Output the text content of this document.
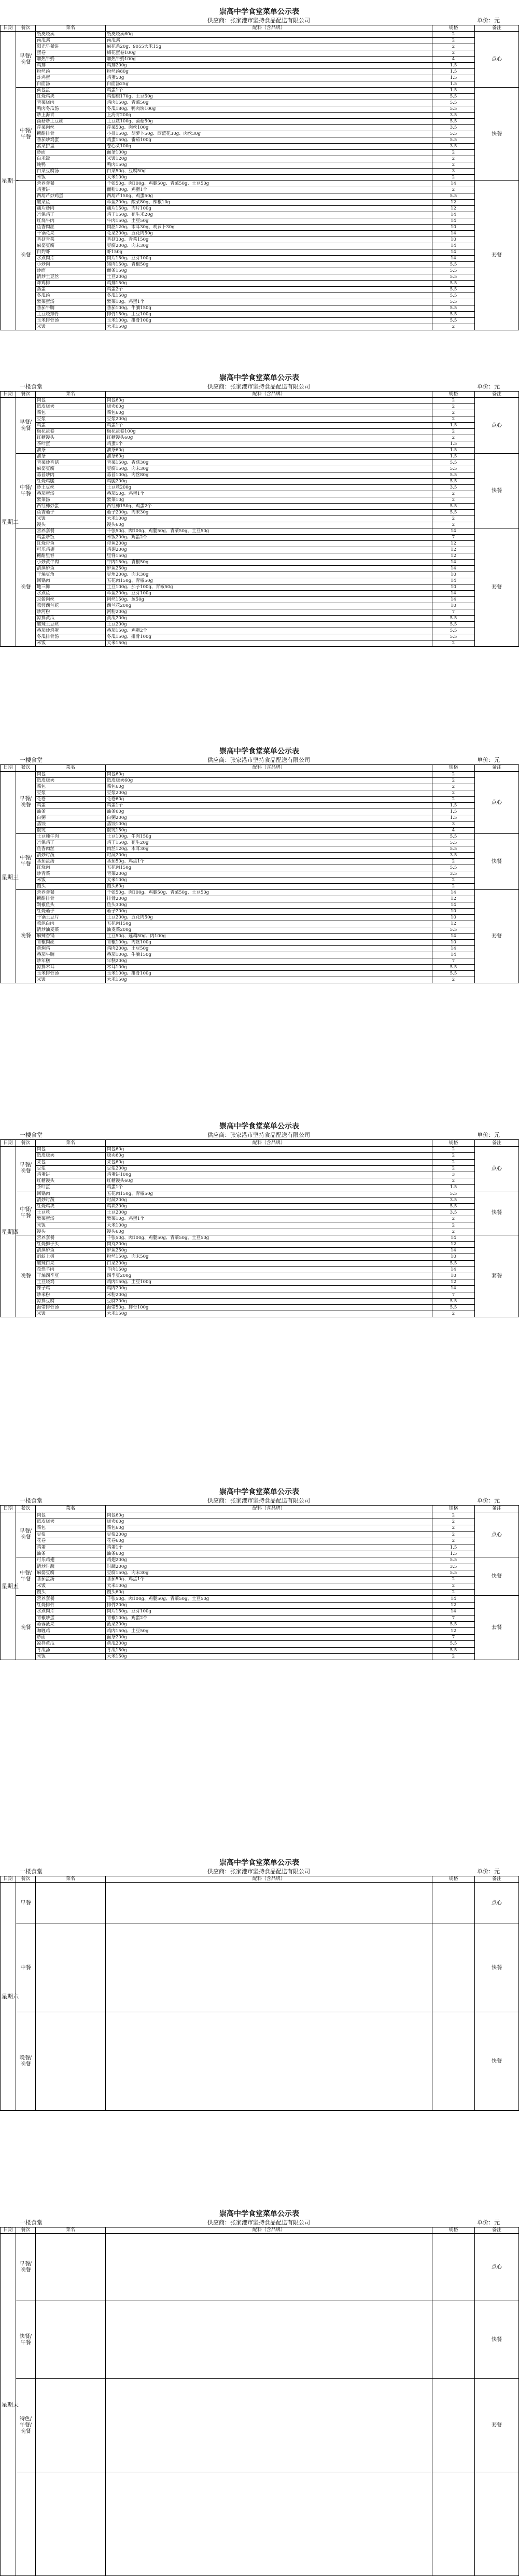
崇高中学食堂菜单公示表
供应商：张家港市坚持食品配送有限公司	单价：元
日期	餐次	菜名	配料（含品牌）	规格	备注
星期一	早餐/晚餐	纸皮烧卖	纸皮烧卖60g	2	点心
		南瓜粥	南瓜粥	2	
		阳光早餐饼	麻花条20g、9055大米15g	2	
		蛋卷	梅花蛋卷100g	2	
		加热牛奶	加热牛奶100g	4	
		鸡排	鸡排200g	1.5	
		粉丝汤	粉丝汤80g	1.5	
		炸鸡蛋	鸡蛋50g	1.5	
		白面汤	白面汤25g	1.5	
	中餐/午餐	荷包蛋	鸡蛋1个	1.5	快餐
		红烧鸡块	鸡翅根170g、土豆50g	5.5	
		青菜烧肉	鸡肉150g、青菜50g	5.5	
		鸭肉冬瓜汤	冬瓜180g、鸭肉块100g	5.5	
		炒上海青	上海青200g	3.5	
		菌菇炒土豆丝	土豆丝100g、菌菇50g	5.5	
		芹菜肉丝	芹菜50g、肉丝100g	3.5	
		糖醋排骨	小排150g、胡萝卜50g、西蓝花30g、肉丝30g	5.5	
		番茄炒鸡蛋	鸡蛋150g、番茄100g	5.5	
		素菜拼盘	卷心菜100g	3.5	
		炒面	面条100g	2	
		白米饭	米饭120g	2	
		炖鸭	鸭肉150g	2	
		白菜豆腐汤	白菜50g、豆腐50g	3	
		米饭	大米100g	2	
	晚餐	营养套餐	千张50g、肉100g、鸡腿50g、青菜50g、土豆50g	14	套餐
		鸡蛋饼	面粉100g、鸡蛋1个	2	
		西葫芦炒鸡蛋	西葫芦150g、鸡蛋50g	5.5	
		酸菜鱼	草鱼200g、酸菜80g、辣椒10g	12	
		藕片炒肉	藕片150g、肉片100g	12	
		宫保鸡丁	鸡丁150g、花生米20g	14	
		红烧牛肉	牛肉150g、土豆50g	14	
		鱼香肉丝	肉丝120g、木耳30g、胡萝卜30g	10	
		干锅花菜	花菜200g、五花肉50g	14	
		香菇青菜	香菇30g、青菜150g	10	
		麻婆豆腐	豆腐200g、肉末30g	14	
		白灼虾	虾150g	14	
		水煮肉片	肉片150g、豆芽100g	14	
		小炒肉	猪肉150g、青椒50g	5.5	
		炒面	面条150g	5.5	
		清炒土豆丝	土豆200g	5.5	
		炸鸡排	鸡排150g	5.5	
		蒸蛋	鸡蛋2个	5.5	
		冬瓜汤	冬瓜150g	5.5	
		紫菜蛋汤	紫菜10g、鸡蛋1个	5.5	
		番茄牛腩	番茄100g、牛腩150g	5.5	
		土豆烧排骨	排骨150g、土豆100g	5.5	
		玉米排骨汤	玉米100g、排骨100g	5.5	
		米饭	大米150g	2	
崇高中学食堂菜单公示表
一楼食堂	供应商：张家港市坚持食品配送有限公司	单价：元
日期	餐次	菜名	配料（含品牌）	规格	备注
星期二	早餐/晚餐	肉包	肉包60g	2	点心
		纸皮烧卖	烧卖60g	2	
		菜包	菜包60g	2	
		豆浆	豆浆200g	2	
		鸡蛋	鸡蛋1个	1.5	
		梅花蛋卷	梅花蛋卷100g	2	
		红糖馒头	红糖馒头60g	2	
		茶叶蛋	鸡蛋1个	1.5	
		油条	油条60g	1.5	
	中餐/午餐	油条	油条60g	1.5	快餐
		青菜炒香菇	青菜150g、香菇30g	5.5	
		麻婆豆腐	豆腐150g、肉末30g	5.5	
		蒜苔炒肉	蒜苔100g、肉丝80g	5.5	
		红烧鸡腿	鸡腿200g	5.5	
		炒土豆丝	土豆丝200g	3.5	
		番茄蛋汤	番茄50g、鸡蛋1个	2	
		紫菜汤	紫菜10g	2	
		西红柿炒蛋	西红柿150g、鸡蛋2个	5.5	
		鱼香茄子	茄子200g、肉末30g	5.5	
		米饭	大米100g	2	
		馒头	馒头60g	2	
	晚餐	营养套餐	千张50g、肉100g、鸡腿50g、青菜50g、土豆50g	14	套餐
		鸡蛋炒饭	米饭200g、鸡蛋2个	7	
		红烧带鱼	带鱼200g	12	
		可乐鸡翅	鸡翅200g	12	
		糖醋里脊	里脊150g	12	
		小炒黄牛肉	牛肉150g、青椒50g	14	
		清蒸鲈鱼	鲈鱼250g	14	
		干煸豆角	豆角200g、肉末30g	10	
		回锅肉	五花肉150g、青椒50g	14	
		地三鲜	土豆100g、茄子100g、青椒50g	10	
		水煮鱼	草鱼200g、豆芽100g	14	
		京酱肉丝	肉丝150g、葱50g	14	
		蒜蓉西兰花	西兰花200g	10	
		炒河粉	河粉200g	7	
		凉拌黄瓜	黄瓜200g	5.5	
		酸辣土豆丝	土豆200g	5.5	
		番茄炒鸡蛋	番茄150g、鸡蛋2个	5.5	
		冬瓜排骨汤	冬瓜150g、排骨100g	5.5	
		米饭	大米150g	2	
崇高中学食堂菜单公示表
一楼食堂	供应商：张家港市坚持食品配送有限公司	单价：元
日期	餐次	菜名	配料（含品牌）	规格	备注
星期三	早餐/晚餐	肉包	肉包60g	2	点心
		纸皮烧卖	纸皮烧卖60g	2	
		菜包	菜包60g	2	
		豆浆	豆浆200g	2	
		花卷	花卷60g	2	
		鸡蛋	鸡蛋1个	1.5	
		油条	油条60g	1.5	
		白粥	白粥200g	1.5	
		蒸饺	蒸饺100g	3	
		馄饨	馄饨150g	4	
	中餐/午餐	土豆炖牛肉	土豆100g、牛肉150g	5.5	快餐
		宫保鸡丁	鸡丁150g、花生20g	5.5	
		鱼香肉丝	肉丝120g、木耳30g	5.5	
		清炒时蔬	时蔬200g	3.5	
		番茄蛋汤	番茄50g、鸡蛋1个	2	
		红烧肉	五花肉150g	5.5	
		炒青菜	青菜200g	3.5	
		米饭	大米100g	2	
		馒头	馒头60g	2	
	晚餐	营养套餐	千张50g、肉100g、鸡腿50g、青菜50g、土豆50g	14	套餐
		糖醋排骨	排骨200g	12	
		剁椒鱼头	鱼头300g	14	
		红烧茄子	茄子200g	10	
		干锅土豆片	土豆200g、五花肉50g	10	
		蒜泥白肉	五花肉150g	12	
		清炒油麦菜	油麦菜200g	5.5	
		麻辣香锅	土豆50g、莲藕50g、肉100g	14	
		青椒肉丝	青椒100g、肉丝100g	10	
		黄焖鸡	鸡肉200g、土豆50g	14	
		番茄牛腩	番茄100g、牛腩150g	14	
		炒年糕	年糕200g	7	
		凉拌木耳	木耳100g	5.5	
		玉米排骨汤	玉米100g、排骨100g	5.5	
		米饭	大米150g	2	
崇高中学食堂菜单公示表
一楼食堂	供应商：张家港市坚持食品配送有限公司	单价：元
日期	餐次	菜名	配料（含品牌）	规格	备注
星期四	早餐/晚餐	肉包	肉包60g	2	点心
		纸皮烧卖	烧卖60g	2	
		菜包	菜包60g	2	
		豆浆	豆浆200g	2	
		鸡蛋饼	鸡蛋饼100g	3	
		红糖馒头	红糖馒头60g	2	
		茶叶蛋	鸡蛋1个	1.5	
	中餐/午餐	回锅肉	五花肉150g、青椒50g	5.5	快餐
		清炒时蔬	时蔬200g	3.5	
		红烧鸡块	鸡块200g	5.5	
		土豆丝	土豆200g	3.5	
		紫菜蛋汤	紫菜10g、鸡蛋1个	2	
		米饭	大米100g	2	
		馒头	馒头60g	2	
	晚餐	营养套餐	千张50g、肉100g、鸡腿50g、青菜50g、土豆50g	14	套餐
		红烧狮子头	肉丸200g	12	
		清蒸鲈鱼	鲈鱼250g	14	
		蚂蚁上树	粉丝150g、肉末50g	10	
		酸辣白菜	白菜200g	5.5	
		孜然羊肉	羊肉150g	14	
		干煸四季豆	四季豆200g	10	
		土豆烧鸡	鸡肉150g、土豆100g	12	
		辣子鸡	鸡肉200g	14	
		炒米粉	米粉200g	7	
		凉拌豆腐	豆腐200g	5.5	
		海带排骨汤	海带50g、排骨100g	5.5	
		米饭	大米150g	2	
崇高中学食堂菜单公示表
一楼食堂	供应商：张家港市坚持食品配送有限公司	单价：元
日期	餐次	菜名	配料（含品牌）	规格	备注
星期五	早餐/晚餐	肉包	肉包60g	2	点心
		纸皮烧卖	烧卖60g	2	
		菜包	菜包60g	2	
		豆浆	豆浆200g	2	
		花卷	花卷60g	2	
		鸡蛋	鸡蛋1个	1.5	
		油条	油条60g	1.5	
	中餐/午餐	可乐鸡翅	鸡翅200g	5.5	快餐
		清炒时蔬	时蔬200g	3.5	
		麻婆豆腐	豆腐150g、肉末30g	5.5	
		番茄蛋汤	番茄50g、鸡蛋1个	2	
		米饭	大米100g	2	
		馒头	馒头60g	2	
	晚餐	营养套餐	千张50g、肉100g、鸡腿50g、青菜50g、土豆50g	14	套餐
		红烧排骨	排骨200g	12	
		水煮肉片	肉片150g、豆芽100g	14	
		青椒炒蛋	青椒100g、鸡蛋2个	7	
		蒜蓉菠菜	菠菜200g	5.5	
		咖喱鸡	鸡肉150g、土豆50g	12	
		炒面	面条200g	7	
		凉拌黄瓜	黄瓜200g	5.5	
		冬瓜汤	冬瓜150g	5.5	
		米饭	大米150g	2	
崇高中学食堂菜单公示表
一楼食堂	供应商：张家港市坚持食品配送有限公司	单价：元
日期	餐次	菜名	配料（含品牌）	规格	备注
星期六	早餐				点心
	中餐				快餐
	晚餐/晚餐				快餐
崇高中学食堂菜单公示表
一楼食堂	供应商：张家港市坚持食品配送有限公司	单价：元
日期	餐次	菜名	配料（含品牌）	规格	备注
星期天	早餐/晚餐				点心
	快餐/午餐				快餐
	特色/午餐/晚餐				套餐
